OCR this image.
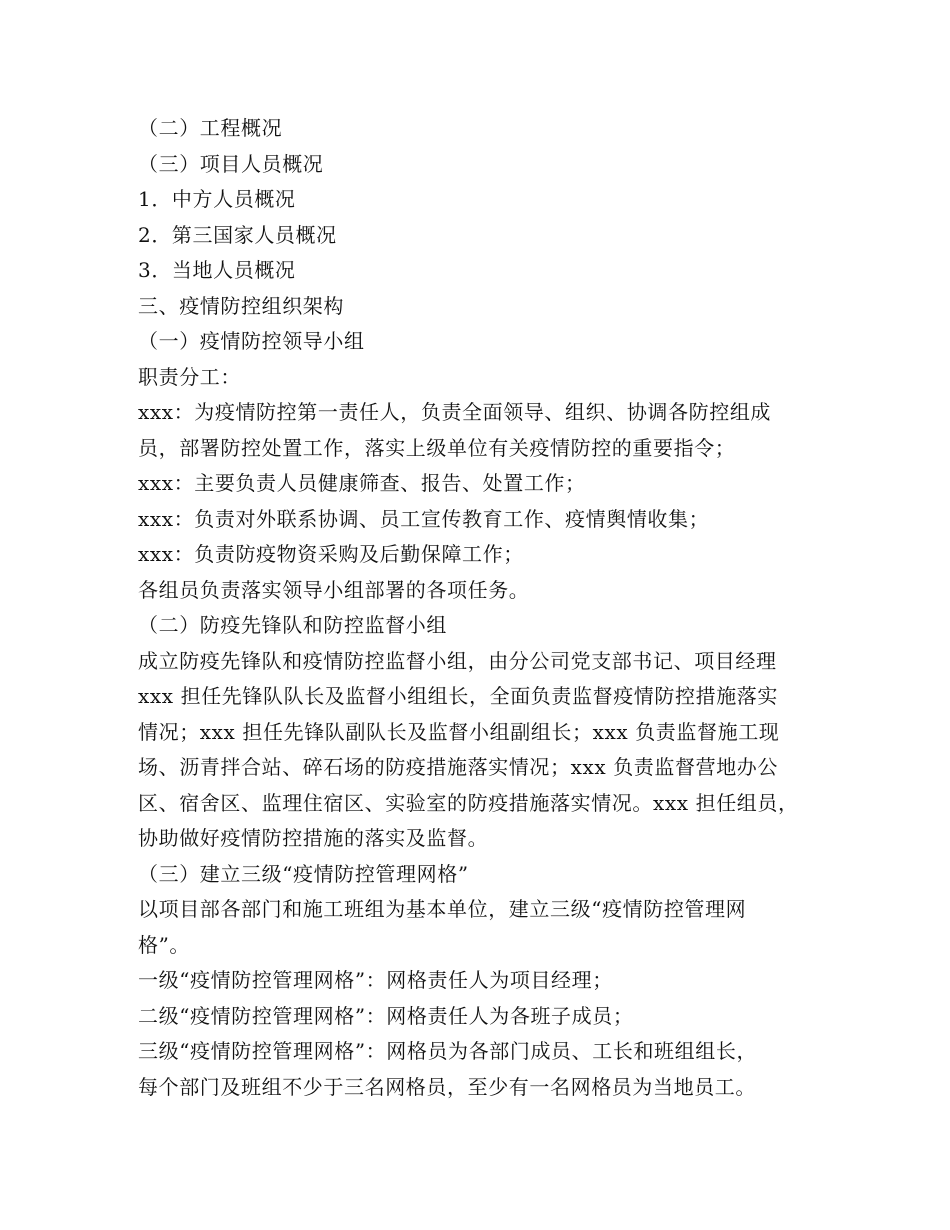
（二）工程概况

（三）项目人员概况

1．中方人员概况

2．第三国家人员概况

3．当地人员概况

三、疫情防控组织架构

（一）疫情防控领导小组

职责分工：

xxx：为疫情防控第一责任人，负责全面领导、组织、协调各防控组成

员，部署防控处置工作，落实上级单位有关疫情防控的重要指令；

xxx：主要负责人员健康筛查、报告、处置工作；

xxx：负责对外联系协调、员工宣传教育工作、疫情舆情收集；

xxx：负责防疫物资采购及后勤保障工作；

各组员负责落实领导小组部署的各项任务。

（二）防疫先锋队和防控监督小组

成立防疫先锋队和疫情防控监督小组，由分公司党支部书记、项目经理

xxx 担任先锋队队长及监督小组组长，全面负责监督疫情防控措施落实

情况；xxx 担任先锋队副队长及监督小组副组长；xxx 负责监督施工现

场、沥青拌合站、碎石场的防疫措施落实情况；xxx 负责监督营地办公

区、宿舍区、监理住宿区、实验室的防疫措施落实情况。xxx 担任组员，

协助做好疫情防控措施的落实及监督。

（三）建立三级“疫情防控管理网格”

以项目部各部门和施工班组为基本单位，建立三级“疫情防控管理网

格”。

一级“疫情防控管理网格”：网格责任人为项目经理；

二级“疫情防控管理网格”：网格责任人为各班子成员；

三级“疫情防控管理网格”：网格员为各部门成员、工长和班组组长，

每个部门及班组不少于三名网格员，至少有一名网格员为当地员工。
